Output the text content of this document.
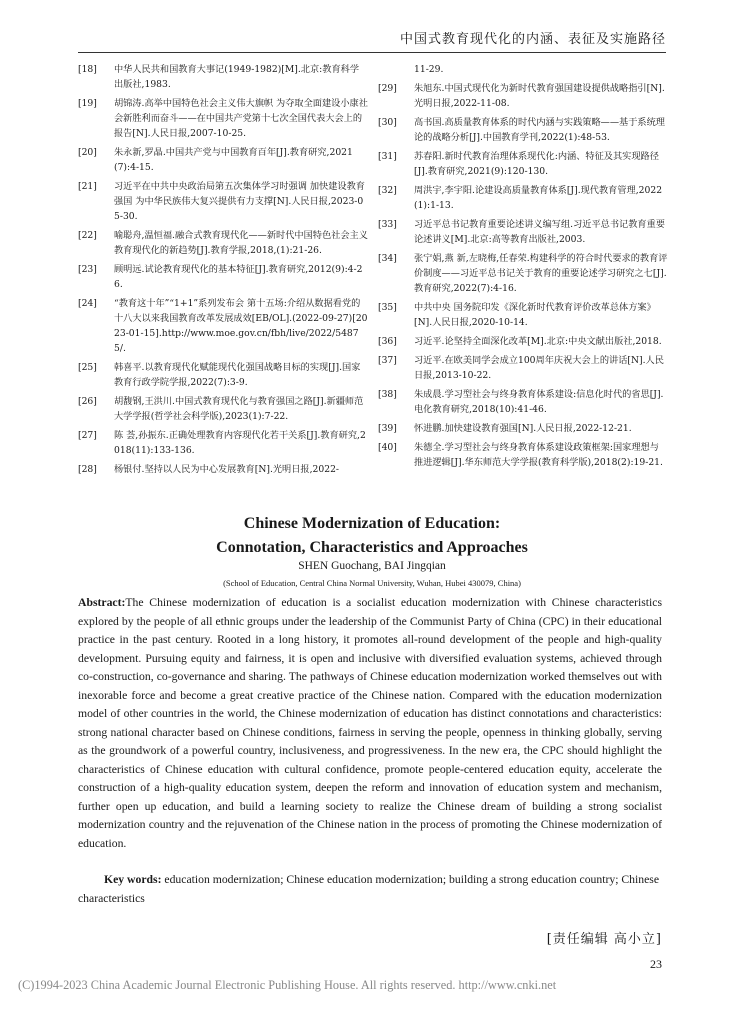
中国式教育现代化的内涵、表征及实施路径
[18]	中华人民共和国教育大事记(1949-1982)[M].北京:教育科学出版社,1983.
[19]	胡锦涛.高举中国特色社会主义伟大旗帜 为夺取全面建设小康社会新胜利而奋斗——在中国共产党第十七次全国代表大会上的报告[N].人民日报,2007-10-25.
[20]	朱永新,罗晶.中国共产党与中国教育百年[J].教育研究,2021(7):4-15.
[21]	习近平在中共中央政治局第五次集体学习时强调 加快建设教育强国 为中华民族伟大复兴提供有力支撑[N].人民日报,2023-05-30.
[22]	喻聪舟,温恒福.融合式教育现代化——新时代中国特色社会主义教育现代化的新趋势[J].教育学报,2018,(1):21-26.
[23]	顾明远.试论教育现代化的基本特征[J].教育研究,2012(9):4-26.
[24]	“教育这十年”“1+1”系列发布会 第十五场:介绍从数据看党的十八大以来我国教育改革发展成效[EB/OL].(2022-09-27)[2023-01-15].http://www.moe.gov.cn/fbh/live/2022/54875/.
[25]	韩喜平.以教育现代化赋能现代化强国战略目标的实现[J].国家教育行政学院学报,2022(7):3-9.
[26]	胡馥钢,王洪川.中国式教育现代化与教育强国之路[J].新疆师范大学学报(哲学社会科学版),2023(1):7-22.
[27]	陈 荟,孙振东.正确处理教育内容现代化若干关系[J].教育研究,2018(11):133-136.
[28]	杨银付.坚持以人民为中心发展教育[N].光明日报,2022-
11-29.
[29]	朱旭东.中国式现代化为新时代教育强国建设提供战略指引[N].光明日报,2022-11-08.
[30]	高书国.高质量教育体系的时代内涵与实践策略——基于系统理论的战略分析[J].中国教育学刊,2022(1):48-53.
[31]	苏春阳.新时代教育治理体系现代化:内涵、特征及其实现路径[J].教育研究,2021(9):120-130.
[32]	周洪宇,李宇阳.论建设高质量教育体系[J].现代教育管理,2022(1):1-13.
[33]	习近平总书记教育重要论述讲义编写组.习近平总书记教育重要论述讲义[M].北京:高等教育出版社,2003.
[34]	张宁娟,燕 新,左晓梅,任春荣.构建科学的符合时代要求的教育评价制度——习近平总书记关于教育的重要论述学习研究之七[J].教育研究,2022(7):4-16.
[35]	中共中央 国务院印发《深化新时代教育评价改革总体方案》[N].人民日报,2020-10-14.
[36]	习近平.论坚持全面深化改革[M].北京:中央文献出版社,2018.
[37]	习近平.在欧美同学会成立100周年庆祝大会上的讲话[N].人民日报,2013-10-22.
[38]	朱成晨.学习型社会与终身教育体系建设:信息化时代的省思[J].电化教育研究,2018(10):41-46.
[39]	怀进鹏.加快建设教育强国[N].人民日报,2022-12-21.
[40]	朱德全.学习型社会与终身教育体系建设政策框架:国家理想与推进逻辑[J].华东师范大学学报(教育科学版),2018(2):19-21.
Chinese Modernization of Education:
Connotation, Characteristics and Approaches
SHEN Guochang, BAI Jingqian
(School of Education, Central China Normal University, Wuhan, Hubei 430079, China)
Abstract:The Chinese modernization of education is a socialist education modernization with Chinese characteristics explored by the people of all ethnic groups under the leadership of the Communist Party of China (CPC) in their educational practice in the past century. Rooted in a long history, it promotes all-round development of the people and high-quality development. Pursuing equity and fairness, it is open and inclusive with diversified evaluation systems, achieved through co-construction, co-governance and sharing. The pathways of Chinese education modernization worked themselves out with inexorable force and become a great creative practice of the Chinese nation. Compared with the education modernization model of other countries in the world, the Chinese modernization of education has distinct connotations and characteristics: strong national character based on Chinese conditions, fairness in serving the people, openness in thinking globally, serving as the groundwork of a powerful country, inclusiveness, and progressiveness. In the new era, the CPC should highlight the characteristics of Chinese education with cultural confidence, promote people-centered education equity, accelerate the construction of a high-quality education system, deepen the reform and innovation of education system and mechanism, further open up education, and build a learning society to realize the Chinese dream of building a strong socialist modernization country and the rejuvenation of the Chinese nation in the process of promoting the Chinese modernization of education.
Key words: education modernization; Chinese education modernization; building a strong education country; Chinese characteristics
[责任编辑 高小立]
23
(C)1994-2023 China Academic Journal Electronic Publishing House. All rights reserved. http://www.cnki.net
